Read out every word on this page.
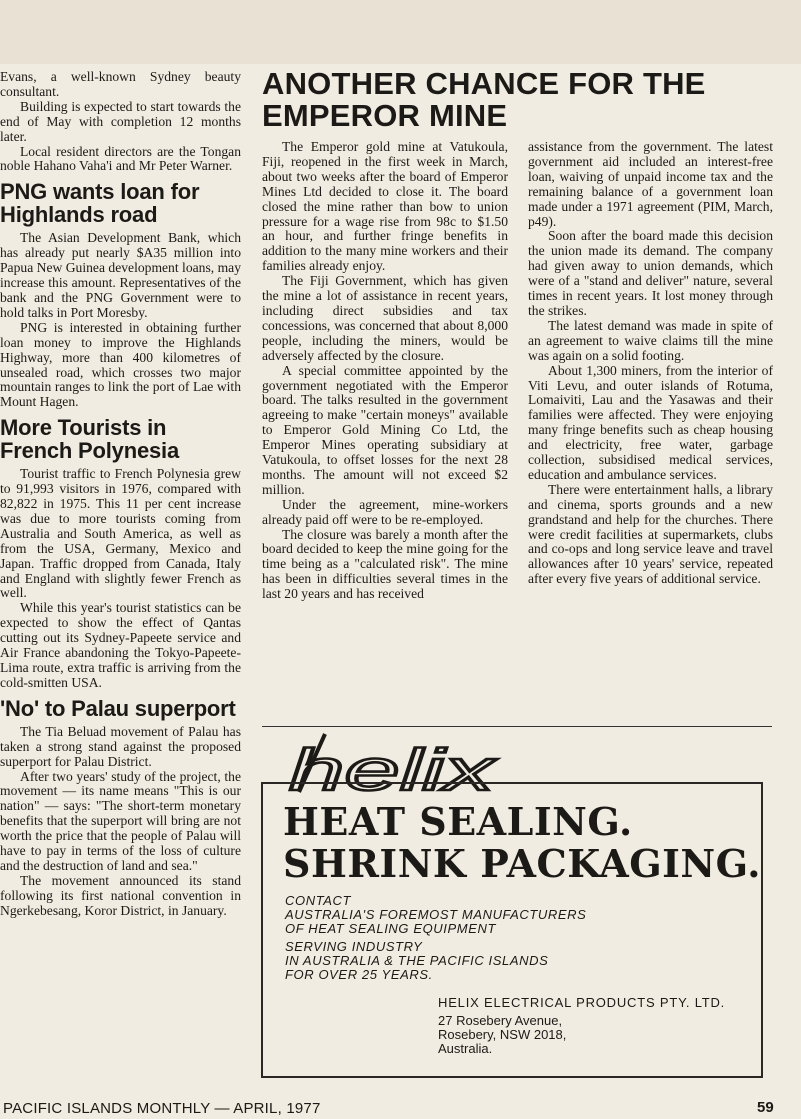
Evans, a well-known Sydney beauty consultant.

Building is expected to start towards the end of May with completion 12 months later.

Local resident directors are the Tongan noble Hahano Vaha'i and Mr Peter Warner.

PNG wants loan for Highlands road

The Asian Development Bank, which has already put nearly $A35 million into Papua New Guinea development loans, may increase this amount. Representatives of the bank and the PNG Government were to hold talks in Port Moresby.

PNG is interested in obtaining further loan money to improve the Highlands Highway, more than 400 kilometres of unsealed road, which crosses two major mountain ranges to link the port of Lae with Mount Hagen.

More Tourists in French Polynesia

Tourist traffic to French Polynesia grew to 91,993 visitors in 1976, compared with 82,822 in 1975. This 11 per cent increase was due to more tourists coming from Australia and South America, as well as from the USA, Germany, Mexico and Japan. Traffic dropped from Canada, Italy and England with slightly fewer French as well.

While this year's tourist statistics can be expected to show the effect of Qantas cutting out its Sydney-Papeete service and Air France abandoning the Tokyo-Papeete-Lima route, extra traffic is arriving from the cold-smitten USA.

'No' to Palau superport

The Tia Beluad movement of Palau has taken a strong stand against the proposed superport for Palau District.

After two years' study of the project, the movement — its name means "This is our nation" — says: "The short-term monetary benefits that the superport will bring are not worth the price that the people of Palau will have to pay in terms of the loss of culture and the destruction of land and sea."

The movement announced its stand following its first national convention in Ngerkebesang, Koror District, in January.

ANOTHER CHANCE FOR THE EMPEROR MINE

The Emperor gold mine at Vatukoula, Fiji, reopened in the first week in March, about two weeks after the board of Emperor Mines Ltd decided to close it. The board closed the mine rather than bow to union pressure for a wage rise from 98c to $1.50 an hour, and further fringe benefits in addition to the many mine workers and their families already enjoy.

The Fiji Government, which has given the mine a lot of assistance in recent years, including direct subsidies and tax concessions, was concerned that about 8,000 people, including the miners, would be adversely affected by the closure.

A special committee appointed by the government negotiated with the Emperor board. The talks resulted in the government agreeing to make "certain moneys" available to Emperor Gold Mining Co Ltd, the Emperor Mines operating subsidiary at Vatukoula, to offset losses for the next 28 months. The amount will not exceed $2 million.

Under the agreement, mine-workers already paid off were to be re-employed.

The closure was barely a month after the board decided to keep the mine going for the time being as a "calculated risk". The mine has been in difficulties several times in the last 20 years and has received

assistance from the government. The latest government aid included an interest-free loan, waiving of unpaid income tax and the remaining balance of a government loan made under a 1971 agreement (PIM, March, p49).

Soon after the board made this decision the union made its demand. The company had given away to union demands, which were of a "stand and deliver" nature, several times in recent years. It lost money through the strikes.

The latest demand was made in spite of an agreement to waive claims till the mine was again on a solid footing.

About 1,300 miners, from the interior of Viti Levu, and outer islands of Rotuma, Lomaiviti, Lau and the Yasawas and their families were affected. They were enjoying many fringe benefits such as cheap housing and electricity, free water, garbage collection, subsidised medical services, education and ambulance services.

There were entertainment halls, a library and cinema, sports grounds and a new grandstand and help for the churches. There were credit facilities at supermarkets, clubs and co-ops and long service leave and travel allowances after 10 years' service, repeated after every five years of additional service.

helix
HEAT SEALING.
SHRINK PACKAGING.
CONTACT
AUSTRALIA'S FOREMOST MANUFACTURERS
OF HEAT SEALING EQUIPMENT
SERVING INDUSTRY
IN AUSTRALIA & THE PACIFIC ISLANDS
FOR OVER 25 YEARS.
HELIX ELECTRICAL PRODUCTS PTY. LTD.
27 Rosebery Avenue,
Rosebery, NSW 2018,
Australia.
PACIFIC ISLANDS MONTHLY — APRIL, 1977	59
